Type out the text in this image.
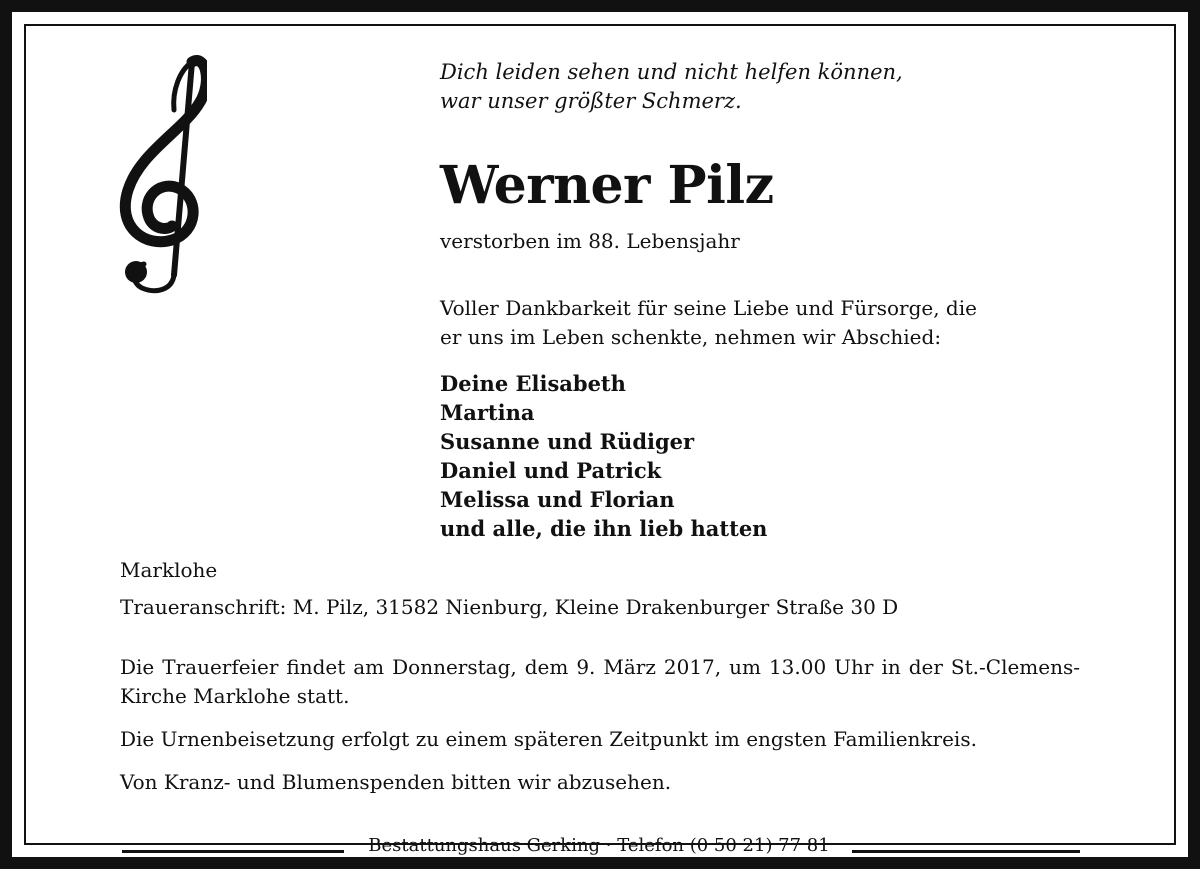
Dich leiden sehen und nicht helfen können,
war unser größter Schmerz.
Werner Pilz
verstorben im 88. Lebensjahr
Voller Dankbarkeit für seine Liebe und Fürsorge, die
er uns im Leben schenkte, nehmen wir Abschied:
Deine Elisabeth
Martina
Susanne und Rüdiger
Daniel und Patrick
Melissa und Florian
und alle, die ihn lieb hatten
Marklohe
Traueranschrift: M. Pilz, 31582 Nienburg, Kleine Drakenburger Straße 30 D
Die Trauerfeier findet am Donnerstag, dem 9. März 2017, um 13.00 Uhr in der St.-Clemens-Kirche Marklohe statt.
Die Urnenbeisetzung erfolgt zu einem späteren Zeitpunkt im engsten Familienkreis.
Von Kranz- und Blumenspenden bitten wir abzusehen.
Bestattungshaus Gerking · Telefon (0 50 21) 77 81
